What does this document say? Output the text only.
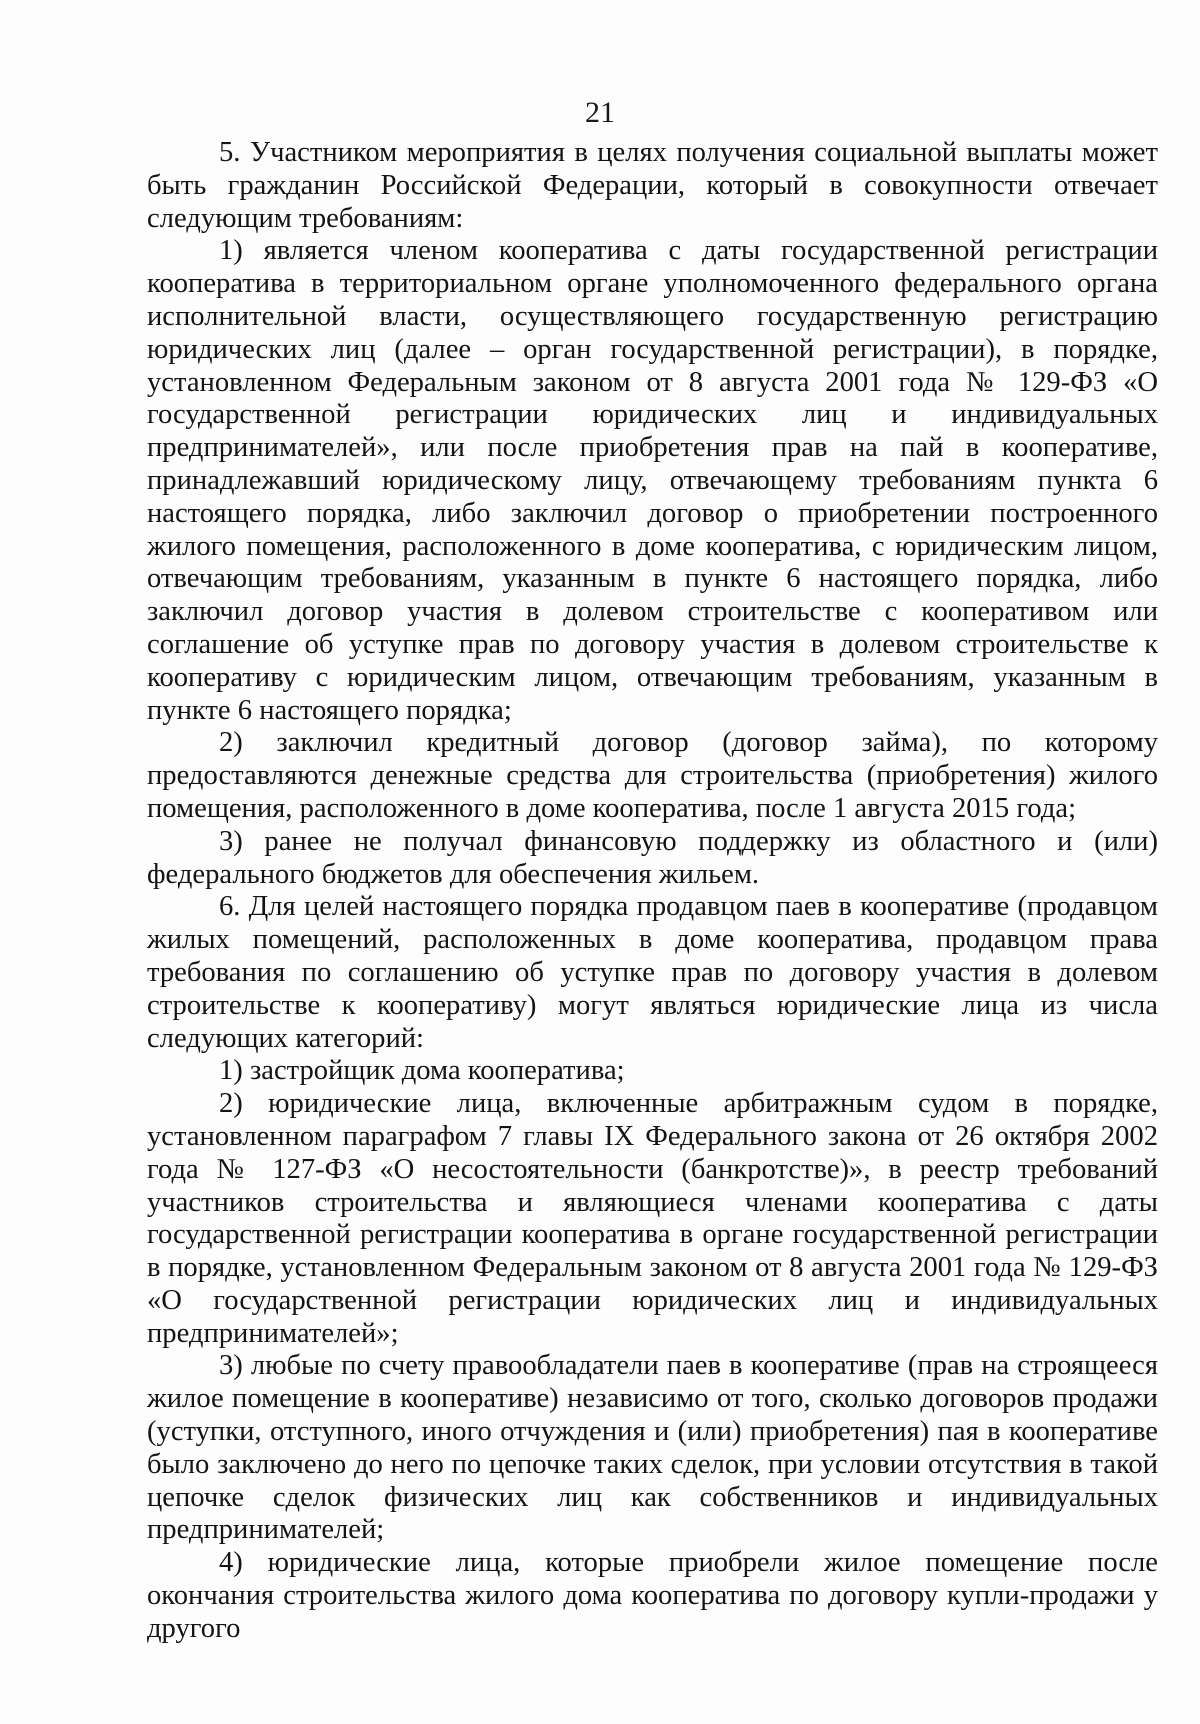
21

5. Участником мероприятия в целях получения социальной выплаты может быть гражданин Российской Федерации, который в совокупности отвечает следующим требованиям:

1) является членом кооператива с даты государственной регистрации кооператива в территориальном органе уполномоченного федерального органа исполнительной власти, осуществляющего государственную регистрацию юридических лиц (далее – орган государственной регистрации), в порядке, установленном Федеральным законом от 8 августа 2001 года № 129-ФЗ «О государственной регистрации юридических лиц и индивидуальных предпринимателей», или после приобретения прав на пай в кооперативе, принадлежавший юридическому лицу, отвечающему требованиям пункта 6 настоящего порядка, либо заключил договор о приобретении построенного жилого помещения, расположенного в доме кооператива, с юридическим лицом, отвечающим требованиям, указанным в пункте 6 настоящего порядка, либо заключил договор участия в долевом строительстве с кооперативом или соглашение об уступке прав по договору участия в долевом строительстве к кооперативу с юридическим лицом, отвечающим требованиям, указанным в пункте 6 настоящего порядка;

2) заключил кредитный договор (договор займа), по которому предоставляются денежные средства для строительства (приобретения) жилого помещения, расположенного в доме кооператива, после 1 августа 2015 года;

3) ранее не получал финансовую поддержку из областного и (или) федерального бюджетов для обеспечения жильем.

6. Для целей настоящего порядка продавцом паев в кооперативе (продавцом жилых помещений, расположенных в доме кооператива, продавцом права требования по соглашению об уступке прав по договору участия в долевом строительстве к кооперативу) могут являться юридические лица из числа следующих категорий:

1) застройщик дома кооператива;

2) юридические лица, включенные арбитражным судом в порядке, установленном параграфом 7 главы IX Федерального закона от 26 октября 2002 года № 127-ФЗ «О несостоятельности (банкротстве)», в реестр требований участников строительства и являющиеся членами кооператива с даты государственной регистрации кооператива в органе государственной регистрации в порядке, установленном Федеральным законом от 8 августа 2001 года № 129-ФЗ «О государственной регистрации юридических лиц и индивидуальных предпринимателей»;

3) любые по счету правообладатели паев в кооперативе (прав на строящееся жилое помещение в кооперативе) независимо от того, сколько договоров продажи (уступки, отступного, иного отчуждения и (или) приобретения) пая в кооперативе было заключено до него по цепочке таких сделок, при условии отсутствия в такой цепочке сделок физических лиц как собственников и индивидуальных предпринимателей;

4) юридические лица, которые приобрели жилое помещение после окончания строительства жилого дома кооператива по договору купли-продажи у другого
